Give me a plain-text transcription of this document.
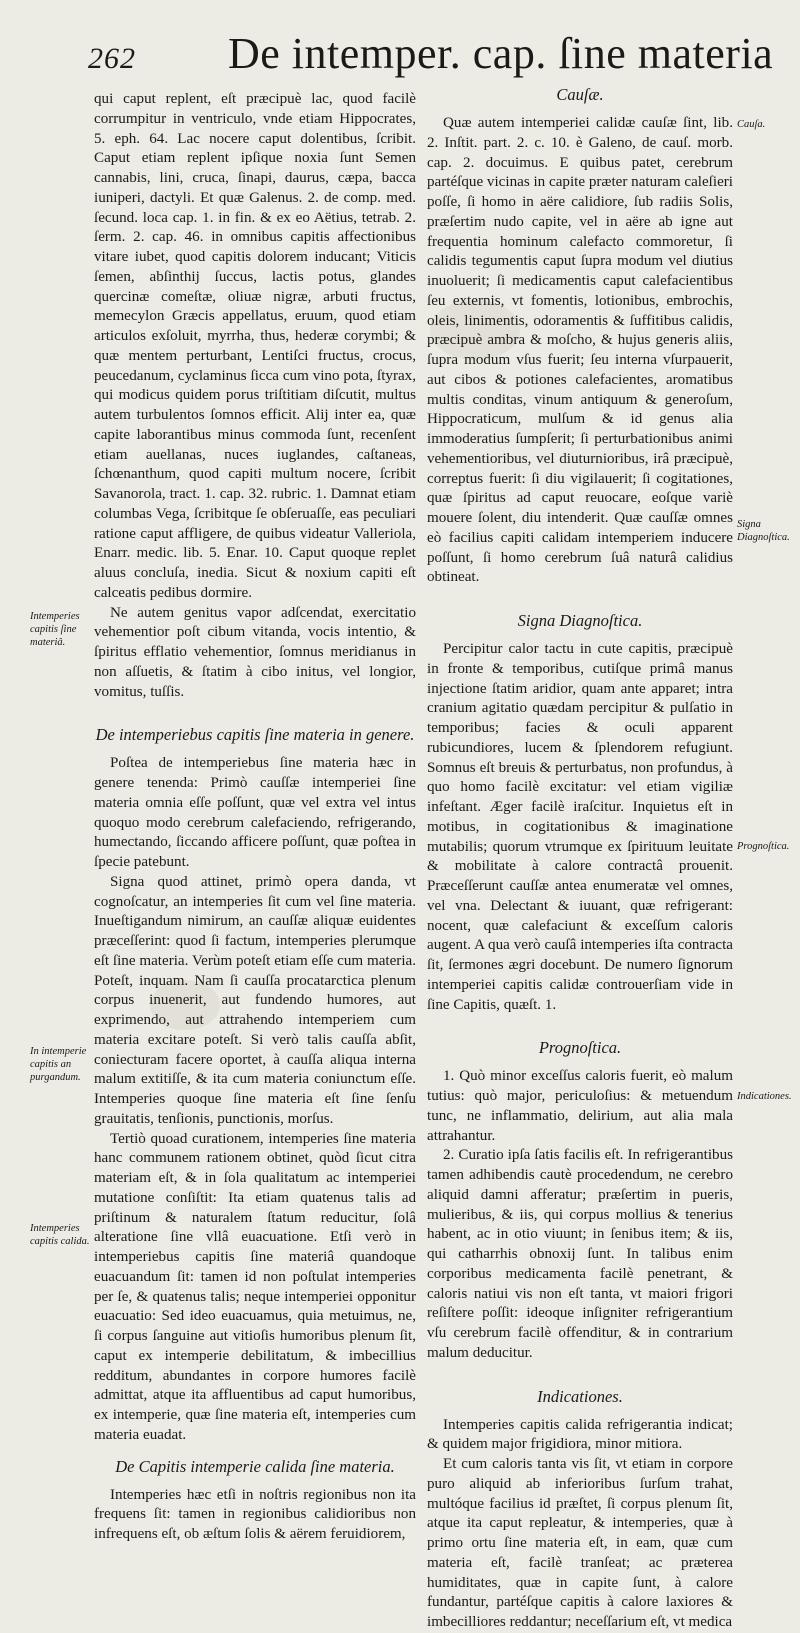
262 De intemper. cap. ſine materia

qui caput replent, eſt præcipuè lac, quod facilè corrumpitur in ventriculo, vnde etiam Hippocrates, 5. eph. 64. Lac nocere caput dolentibus, ſcribit. Caput etiam replent ipſique noxia ſunt Semen cannabis, lini, cruca, ſinapi, daurus, cæpa, bacca iuniperi, dactyli. Et quæ Galenus. 2. de comp. med. ſecund. loca cap. 1. in fin. & ex eo Aëtius, tetrab. 2. ſerm. 2. cap. 46. in omnibus capitis affectionibus vitare iubet, quod capitis dolorem inducant; Viticis ſemen, abſinthij ſuccus, lactis potus, glandes quercinæ comeſtæ, oliuæ nigræ, arbuti fructus, memecylon Græcis appellatus, eruum, quod etiam articulos exſoluit, myrrha, thus, hederæ corymbi; & quæ mentem perturbant, Lentiſci fructus, crocus, peucedanum, cyclaminus ſicca cum vino pota, ſtyrax, qui modicus quidem porus triſtitiam diſcutit, multus autem turbulentos ſomnos efficit. Alij inter ea, quæ capite laborantibus minus commoda ſunt, recenſent etiam auellanas, nuces iuglandes, caſtaneas, ſchœnanthum, quod capiti multum nocere, ſcribit Savanorola, tract. 1. cap. 32. rubric. 1. Damnat etiam columbas Vega, ſcribitque ſe obſeruaſſe, eas peculiari ratione caput affligere, de quibus videatur Valleriola, Enarr. medic. lib. 5. Enar. 10. Caput quoque replet aluus concluſa, inedia. Sicut & noxium capiti eſt calceatis pedibus dormire.

Ne autem genitus vapor adſcendat, exercitatio vehementior poſt cibum vitanda, vocis intentio, & ſpiritus efflatio vehementior, ſomnus meridianus in non aſſuetis, & ſtatim à cibo initus, vel longior, vomitus, tuſſis.

De intemperiebus capitis ſine materia in genere.

Poſtea de intemperiebus ſine materia hæc in genere tenenda: Primò cauſſæ intemperiei ſine materia omnia eſſe poſſunt, quæ vel extra vel intus quoquo modo cerebrum calefaciendo, refrigerando, humectando, ſiccando afficere poſſunt, quæ poſtea in ſpecie patebunt.

Signa quod attinet, primò opera danda, vt cognoſcatur, an intemperies ſit cum vel ſine materia. Inueſtigandum nimirum, an cauſſæ aliquæ euidentes præceſſerint: quod ſi factum, intemperies plerumque eſt ſine materia. Verùm poteſt etiam eſſe cum materia. Poteſt, inquam. Nam ſi cauſſa procatarctica plenum corpus inuenerit, aut fundendo humores, aut exprimendo, aut attrahendo intemperiem cum materia excitare poteſt. Si verò talis cauſſa abſit, coniecturam facere oportet, à cauſſa aliqua interna malum extitiſſe, & ita cum materia coniunctum eſſe. Intemperies quoque ſine materia eſt ſine ſenſu grauitatis, tenſionis, punctionis, morſus.

Tertiò quoad curationem, intemperies ſine materia hanc communem rationem obtinet, quòd ſicut citra materiam eſt, & in ſola qualitatum ac intemperiei mutatione conſiſtit: Ita etiam quatenus talis ad priſtinum & naturalem ſtatum reducitur, ſolâ alteratione ſine vllâ euacuatione. Etſi verò in intemperiebus capitis ſine materiâ quandoque euacuandum ſit: tamen id non poſtulat intemperies per ſe, & quatenus talis; neque intemperiei opponitur euacuatio: Sed ideo euacuamus, quia metuimus, ne, ſi corpus ſanguine aut vitioſis humoribus plenum ſit, caput ex intemperie debilitatum, & imbecillius redditum, abundantes in corpore humores facilè admittat, atque ita affluentibus ad caput humoribus, ex intemperie, quæ ſine materia eſt, intemperies cum materia euadat.

De Capitis intemperie calida ſine materia.

Intemperies hæc etſi in noſtris regionibus non ita frequens ſit: tamen in regionibus calidioribus non infrequens eſt, ob æſtum ſolis & aërem feruidiorem,

Cauſæ.

Quæ autem intemperiei calidæ cauſæ ſint, lib. 2. Inſtit. part. 2. c. 10. è Galeno, de cauſ. morb. cap. 2. docuimus. E quibus patet, cerebrum partéſque vicinas in capite præter naturam caleſieri poſſe, ſi homo in aëre calidiore, ſub radiis Solis, præſertim nudo capite, vel in aëre ab igne aut frequentia hominum calefacto commoretur, ſi calidis tegumentis caput ſupra modum vel diutius inuoluerit; ſi medicamentis caput calefacientibus ſeu externis, vt fomentis, lotionibus, embrochis, oleis, linimentis, odoramentis & ſuffitibus calidis, præcipuè ambra & moſcho, & hujus generis aliis, ſupra modum vſus fuerit; ſeu interna vſurpauerit, aut cibos & potiones calefacientes, aromatibus multis conditas, vinum antiquum & generoſum, Hippocraticum, mulſum & id genus alia immoderatius ſumpſerit; ſi perturbationibus animi vehementioribus, vel diuturnioribus, irâ præcipuè, correptus fuerit: ſi diu vigilauerit; ſi cogitationes, quæ ſpiritus ad caput reuocare, eoſque variè mouere ſolent, diu intenderit. Quæ cauſſæ omnes eò facilius capiti calidam intemperiem inducere poſſunt, ſi homo cerebrum ſuâ naturâ calidius obtineat.

Signa Diagnoſtica.

Percipitur calor tactu in cute capitis, præcipuè in fronte & temporibus, cutiſque primâ manus injectione ſtatim aridior, quam ante apparet; intra cranium agitatio quædam percipitur & pulſatio in temporibus; facies & oculi apparent rubicundiores, lucem & ſplendorem refugiunt. Somnus eſt breuis & perturbatus, non profundus, à quo homo facilè excitatur: vel etiam vigiliæ infeſtant. Æger facilè iraſcitur. Inquietus eſt in motibus, in cogitationibus & imaginatione mutabilis; quorum vtrumque ex ſpirituum leuitate & mobilitate à calore contractâ prouenit. Præceſſerunt cauſſæ antea enumeratæ vel omnes, vel vna. Delectant & iuuant, quæ refrigerant: nocent, quæ calefaciunt & exceſſum caloris augent. A qua verò cauſâ intemperies iſta contracta ſit, ſermones ægri docebunt. De numero ſignorum intemperiei capitis calidæ controuerſiam vide in ſine Capitis, quæſt. 1.

Prognoſtica.

1. Quò minor exceſſus caloris fuerit, eò malum tutius: quò major, periculoſius: & metuendum tunc, ne inflammatio, delirium, aut alia mala attrahantur.

2. Curatio ipſa ſatis facilis eſt. In refrigerantibus tamen adhibendis cautè procedendum, ne cerebro aliquid damni afferatur; præſertim in pueris, mulieribus, & iis, qui corpus mollius & tenerius habent, ac in otio viuunt; in ſenibus item; & iis, qui catharrhis obnoxij ſunt. In talibus enim corporibus medicamenta facilè penetrant, & caloris natiui vis non eſt tanta, vt maiori frigori reſiſtere poſſit: ideoque inſigniter refrigerantium vſu cerebrum facilè offenditur, & in contrarium malum deducitur.

Indicationes.

Intemperies capitis calida refrigerantia indicat; & quidem major frigidiora, minor mitiora.

Et cum caloris tanta vis ſit, vt etiam in corpore puro aliquid ab inferioribus ſurſum trahat, multóque facilius id præſtet, ſi corpus plenum ſit, atque ita caput repleatur, & intemperies, quæ à primo ortu ſine materia eſt, in eam, quæ cum materia eſt, facilè tranſeat; ac præterea humiditates, quæ in capite ſunt, à calore fundantur, partéſque capitis à calore laxiores & imbecilliores reddantur; neceſſarium eſt, vt medica

Intemperies capitis ſine materiâ.
In intemperie capitis an purgandum.
Intemperies capitis calida.
Cauſa.
Signa Diagnoſtica.
Prognoſtica.
Indicationes.
